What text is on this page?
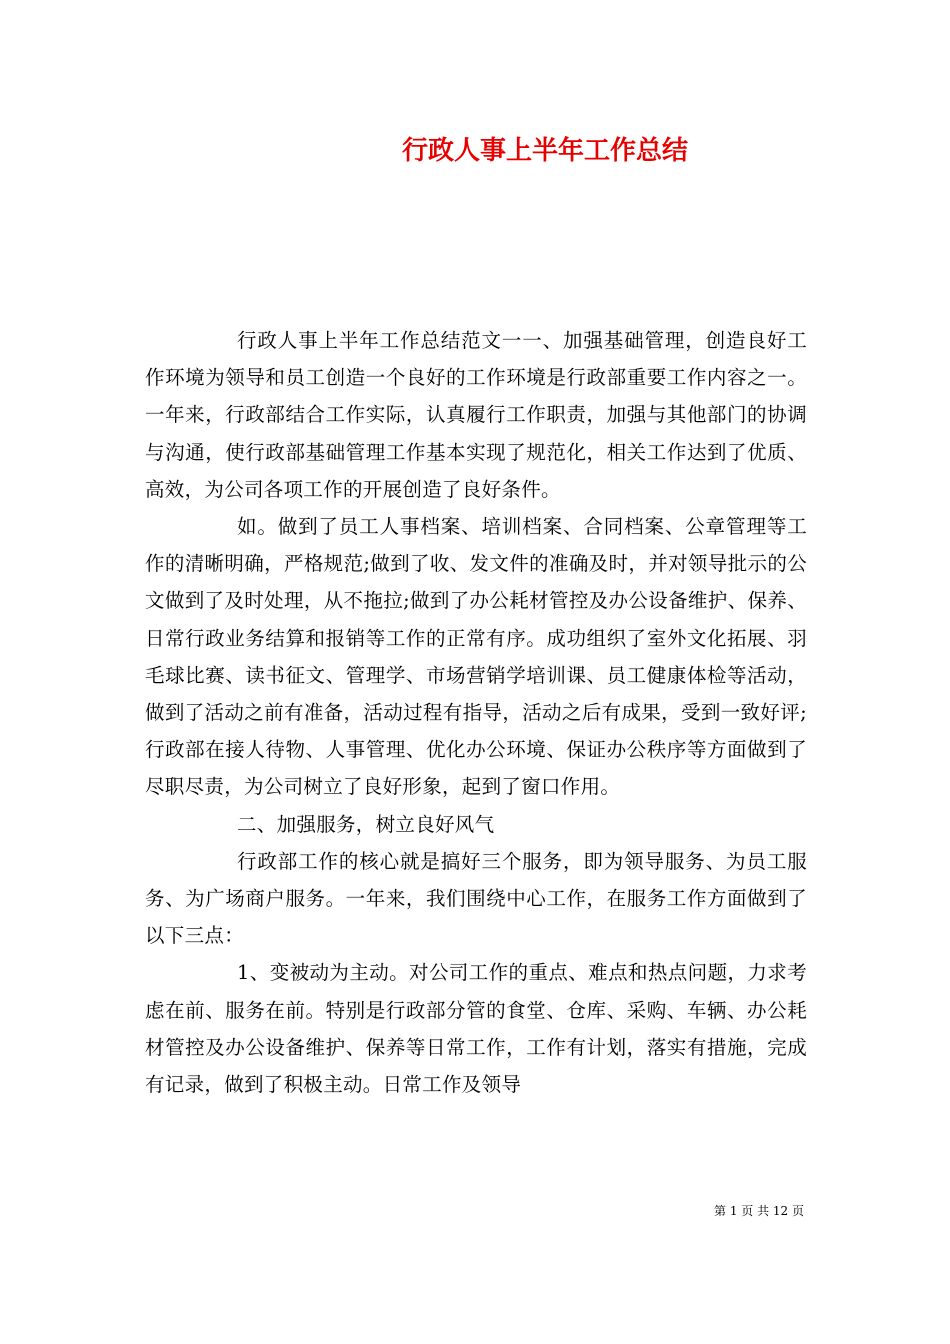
行政人事上半年工作总结

行政人事上半年工作总结范文一一、加强基础管理，创造良好工作环境为领导和员工创造一个良好的工作环境是行政部重要工作内容之一。一年来，行政部结合工作实际，认真履行工作职责，加强与其他部门的协调与沟通，使行政部基础管理工作基本实现了规范化，相关工作达到了优质、高效，为公司各项工作的开展创造了良好条件。

如。做到了员工人事档案、培训档案、合同档案、公章管理等工作的清晰明确，严格规范;做到了收、发文件的准确及时，并对领导批示的公文做到了及时处理，从不拖拉;做到了办公耗材管控及办公设备维护、保养、日常行政业务结算和报销等工作的正常有序。成功组织了室外文化拓展、羽毛球比赛、读书征文、管理学、市场营销学培训课、员工健康体检等活动，做到了活动之前有准备，活动过程有指导，活动之后有成果，受到一致好评;行政部在接人待物、人事管理、优化办公环境、保证办公秩序等方面做到了尽职尽责，为公司树立了良好形象，起到了窗口作用。

二、加强服务，树立良好风气

行政部工作的核心就是搞好三个服务，即为领导服务、为员工服务、为广场商户服务。一年来，我们围绕中心工作，在服务工作方面做到了以下三点：

1、变被动为主动。对公司工作的重点、难点和热点问题，力求考虑在前、服务在前。特别是行政部分管的食堂、仓库、采购、车辆、办公耗材管控及办公设备维护、保养等日常工作，工作有计划，落实有措施，完成有记录，做到了积极主动。日常工作及领导

第 1 页 共 12 页
